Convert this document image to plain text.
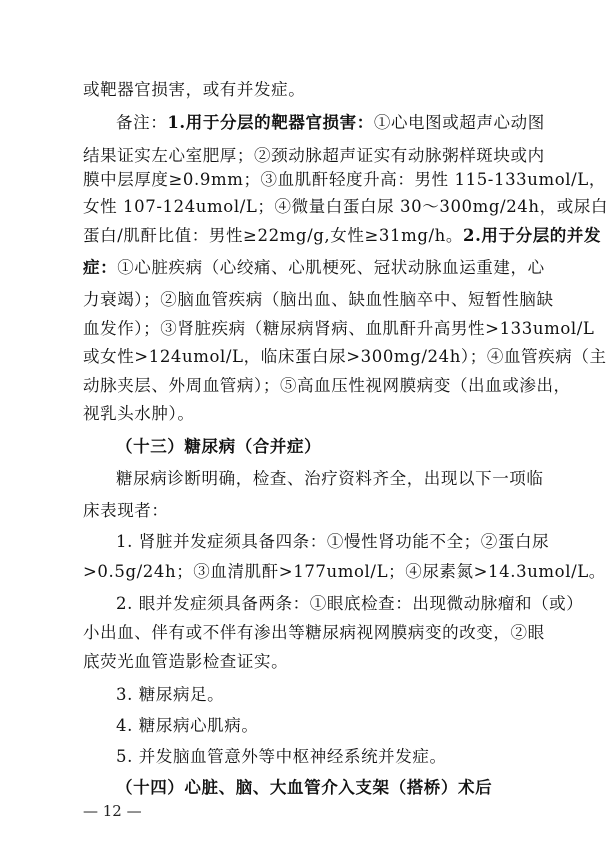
或靶器官损害，或有并发症。
备注：1.用于分层的靶器官损害：①心电图或超声心动图
结果证实左心室肥厚；②颈动脉超声证实有动脉粥样斑块或内
膜中层厚度≥0.9mm；③血肌酐轻度升高：男性 115-133umol/L，
女性 107-124umol/L；④微量白蛋白尿 30～300mg/24h，或尿白
蛋白/肌酐比值：男性≥22mg/g,女性≥31mg/h。2.用于分层的并发
症：①心脏疾病（心绞痛、心肌梗死、冠状动脉血运重建，心
力衰竭）；②脑血管疾病（脑出血、缺血性脑卒中、短暂性脑缺
血发作）；③肾脏疾病（糖尿病肾病、血肌酐升高男性>133umol/L
或女性>124umol/L，临床蛋白尿>300mg/24h）；④血管疾病（主
动脉夹层、外周血管病）；⑤高血压性视网膜病变（出血或渗出，
视乳头水肿）。
（十三）糖尿病（合并症）
糖尿病诊断明确，检查、治疗资料齐全，出现以下一项临
床表现者：
1. 肾脏并发症须具备四条：①慢性肾功能不全；②蛋白尿
>0.5g/24h；③血清肌酐>177umol/L；④尿素氮>14.3umol/L。
2. 眼并发症须具备两条：①眼底检查：出现微动脉瘤和（或）
小出血、伴有或不伴有渗出等糖尿病视网膜病变的改变，②眼
底荧光血管造影检查证实。
3. 糖尿病足。
4. 糖尿病心肌病。
5. 并发脑血管意外等中枢神经系统并发症。
（十四）心脏、脑、大血管介入支架（搭桥）术后
— 12 —
